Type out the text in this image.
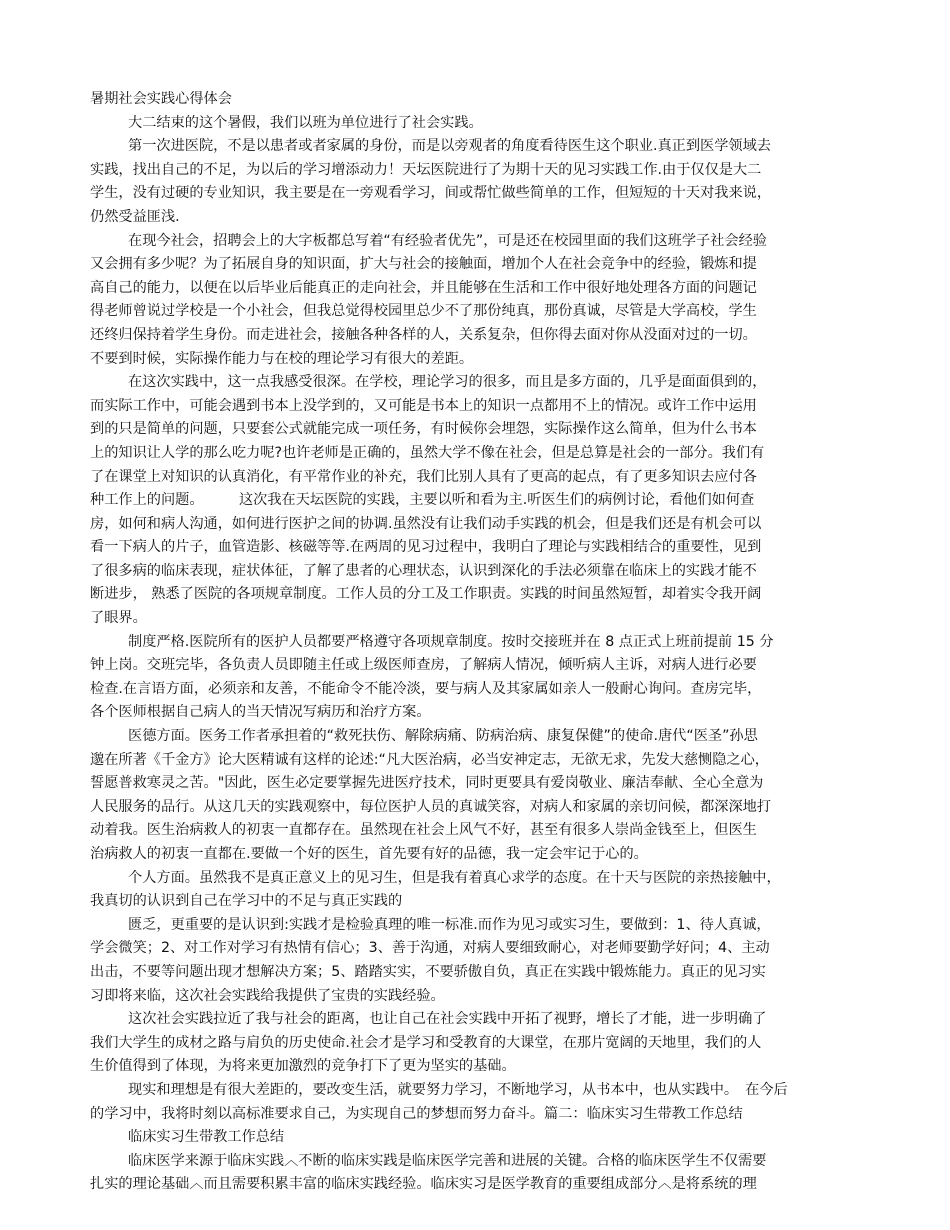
暑期社会实践心得体会
大二结束的这个暑假，我们以班为单位进行了社会实践。
第一次进医院，不是以患者或者家属的身份，而是以旁观者的角度看待医生这个职业.真正到医学领域去
实践，找出自己的不足，为以后的学习增添动力！天坛医院进行了为期十天的见习实践工作.由于仅仅是大二
学生，没有过硬的专业知识，我主要是在一旁观看学习，间或帮忙做些简单的工作，但短短的十天对我来说，
仍然受益匪浅.
在现今社会，招聘会上的大字板都总写着“有经验者优先”，可是还在校园里面的我们这班学子社会经验
又会拥有多少呢？为了拓展自身的知识面，扩大与社会的接触面，增加个人在社会竞争中的经验，锻炼和提
高自己的能力，以便在以后毕业后能真正的走向社会，并且能够在生活和工作中很好地处理各方面的问题记
得老师曾说过学校是一个小社会，但我总觉得校园里总少不了那份纯真，那份真诚，尽管是大学高校，学生
还终归保持着学生身份。而走进社会，接触各种各样的人，关系复杂，但你得去面对你从没面对过的一切。
不要到时候，实际操作能力与在校的理论学习有很大的差距。
在这次实践中，这一点我感受很深。在学校，理论学习的很多，而且是多方面的，几乎是面面俱到的，
而实际工作中，可能会遇到书本上没学到的，又可能是书本上的知识一点都用不上的情况。或许工作中运用
到的只是简单的问题，只要套公式就能完成一项任务，有时候你会埋怨，实际操作这么简单，但为什么书本
上的知识让人学的那么吃力呢?也许老师是正确的，虽然大学不像在社会，但是总算是社会的一部分。我们有
了在课堂上对知识的认真消化，有平常作业的补充，我们比别人具有了更高的起点，有了更多知识去应付各
种工作上的问题。　　　这次我在天坛医院的实践，主要以听和看为主.听医生们的病例讨论，看他们如何查
房，如何和病人沟通，如何进行医护之间的协调.虽然没有让我们动手实践的机会，但是我们还是有机会可以
看一下病人的片子，血管造影、核磁等等.在两周的见习过程中，我明白了理论与实践相结合的重要性，见到
了很多病的临床表现，症状体征，了解了患者的心理状态，认识到深化的手法必须靠在临床上的实践才能不
断进步， 熟悉了医院的各项规章制度。工作人员的分工及工作职责。实践的时间虽然短暂，却着实令我开阔
了眼界。
制度严格.医院所有的医护人员都要严格遵守各项规章制度。按时交接班并在 8 点正式上班前提前 15 分
钟上岗。交班完毕，各负责人员即随主任或上级医师查房，了解病人情况，倾听病人主诉，对病人进行必要
检查.在言语方面，必须亲和友善，不能命令不能冷淡，要与病人及其家属如亲人一般耐心询问。查房完毕，
各个医师根据自己病人的当天情况写病历和治疗方案。
医德方面。医务工作者承担着的“救死扶伤、解除病痛、防病治病、康复保健”的使命.唐代“医圣”孙思
邈在所著《千金方》论大医精诚有这样的论述:“凡大医治病，必当安神定志，无欲无求，先发大慈恻隐之心，
誓愿普救寒灵之苦。"因此，医生必定要掌握先进医疗技术，同时更要具有爱岗敬业、廉洁奉献、全心全意为
人民服务的品行。从这几天的实践观察中，每位医护人员的真诚笑容，对病人和家属的亲切问候，都深深地打
动着我。医生治病救人的初衷一直都存在。虽然现在社会上风气不好，甚至有很多人崇尚金钱至上，但医生
治病救人的初衷一直都在.要做一个好的医生，首先要有好的品德，我一定会牢记于心的。
个人方面。虽然我不是真正意义上的见习生，但是我有着真心求学的态度。在十天与医院的亲热接触中，
我真切的认识到自己在学习中的不足与真正实践的
匮乏，更重要的是认识到:实践才是检验真理的唯一标准.而作为见习或实习生，要做到：1、待人真诚，
学会微笑；2、对工作对学习有热情有信心；3、善于沟通，对病人要细致耐心，对老师要勤学好问；4、主动
出击，不要等问题出现才想解决方案；5、踏踏实实，不要骄傲自负，真正在实践中锻炼能力。真正的见习实
习即将来临，这次社会实践给我提供了宝贵的实践经验。
这次社会实践拉近了我与社会的距离，也让自己在社会实践中开拓了视野，增长了才能，进一步明确了
我们大学生的成材之路与肩负的历史使命.社会才是学习和受教育的大课堂，在那片宽阔的天地里，我们的人
生价值得到了体现，为将来更加激烈的竞争打下了更为坚实的基础。
现实和理想是有很大差距的，要改变生活，就要努力学习，不断地学习，从书本中，也从实践中。　在今后
的学习中，我将时刻以高标准要求自己，为实现自己的梦想而努力奋斗。篇二：临床实习生带教工作总结
临床实习生带教工作总结
临床医学来源于临床实践︿不断的临床实践是临床医学完善和进展的关键。合格的临床医学生不仅需要
扎实的理论基础︿而且需要积累丰富的临床实践经验。临床实习是医学教育的重要组成部分︿是将系统的理
